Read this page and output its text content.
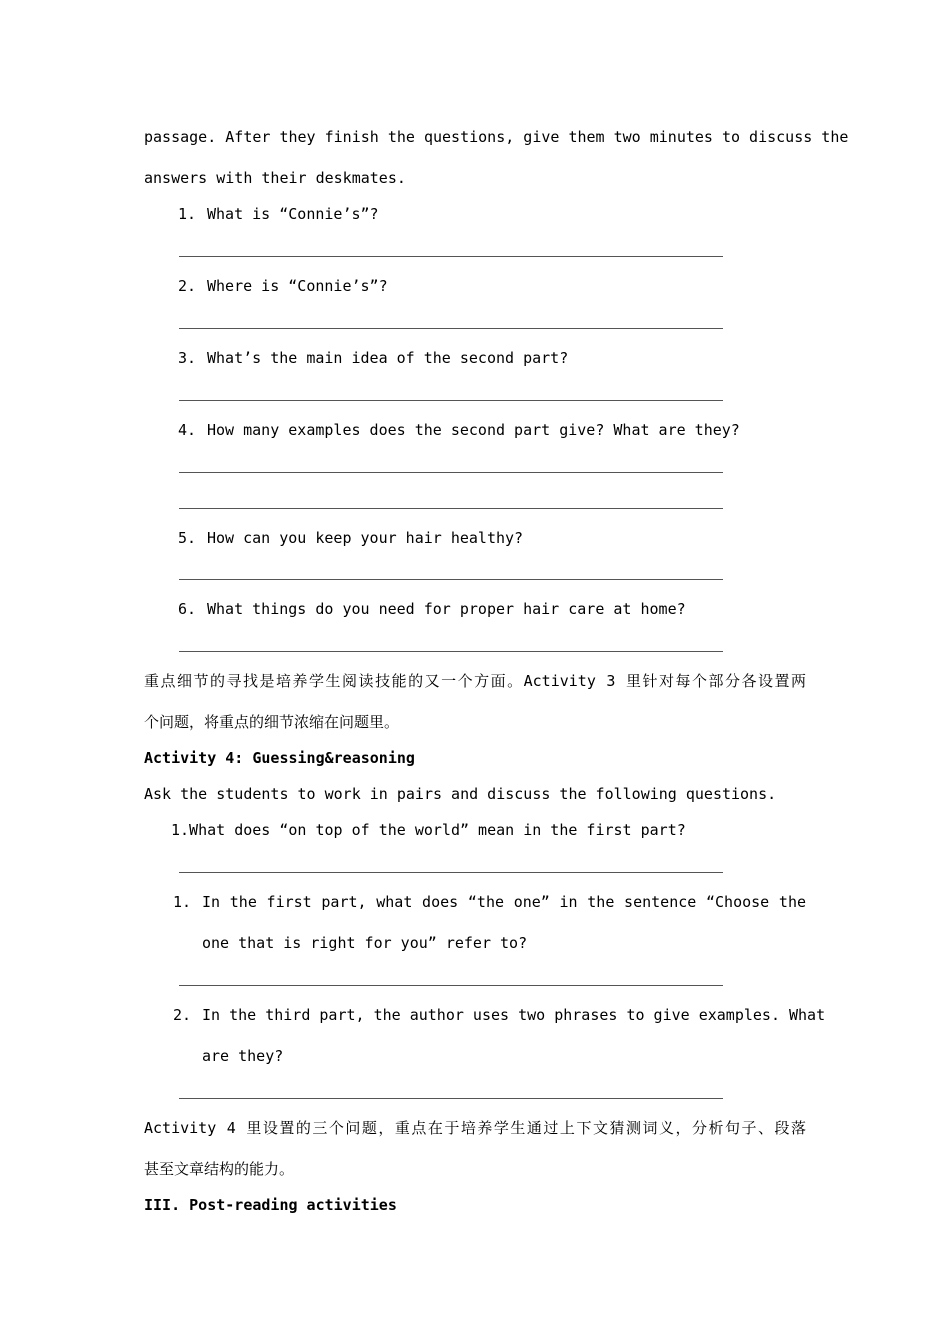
passage. After they finish the questions, give them two minutes to discuss the
answers with their deskmates.
1. What is “Connie’s”?
2. Where is “Connie’s”?
3. What’s the main idea of the second part?
4. How many examples does the second part give? What are they?
5. How can you keep your hair healthy?
6. What things do you need for proper hair care at home?
重点细节的寻找是培养学生阅读技能的又一个方面。Activity 3 里针对每个部分各设置两
个问题，将重点的细节浓缩在问题里。
Activity 4: Guessing&reasoning
Ask the students to work in pairs and discuss the following questions.
1.What does “on top of the world” mean in the first part?
1. In the first part, what does “the one” in the sentence “Choose the
one that is right for you” refer to?
2. In the third part, the author uses two phrases to give examples. What
are they?
Activity 4 里设置的三个问题，重点在于培养学生通过上下文猜测词义，分析句子、段落
甚至文章结构的能力。
III. Post-reading activities
